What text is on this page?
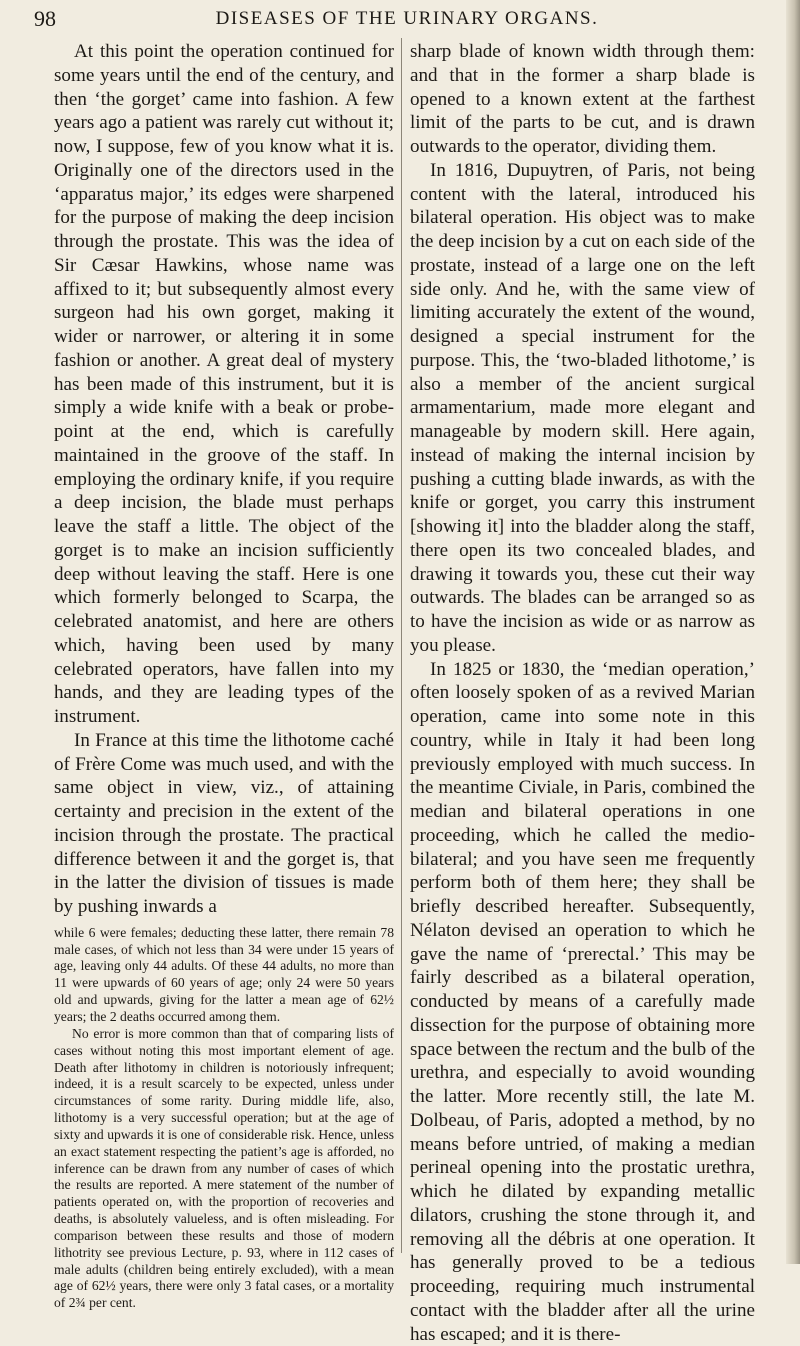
98	DISEASES OF THE URINARY ORGANS.

At this point the operation continued for some years until the end of the century, and then ‘the gorget’ came into fashion. A few years ago a patient was rarely cut without it; now, I suppose, few of you know what it is. Originally one of the directors used in the ‘apparatus major,’ its edges were sharpened for the purpose of making the deep incision through the prostate. This was the idea of Sir Cæsar Hawkins, whose name was affixed to it; but subsequently almost every surgeon had his own gorget, making it wider or narrower, or altering it in some fashion or another. A great deal of mystery has been made of this instrument, but it is simply a wide knife with a beak or probe-point at the end, which is carefully maintained in the groove of the staff. In employing the ordinary knife, if you require a deep incision, the blade must perhaps leave the staff a little. The object of the gorget is to make an incision sufficiently deep without leaving the staff. Here is one which formerly belonged to Scarpa, the celebrated anatomist, and here are others which, having been used by many celebrated operators, have fallen into my hands, and they are leading types of the instrument.

In France at this time the lithotome caché of Frère Come was much used, and with the same object in view, viz., of attaining certainty and precision in the extent of the incision through the prostate. The practical difference between it and the gorget is, that in the latter the division of tissues is made by pushing inwards a

while 6 were females; deducting these latter, there remain 78 male cases, of which not less than 34 were under 15 years of age, leaving only 44 adults. Of these 44 adults, no more than 11 were upwards of 60 years of age; only 24 were 50 years old and upwards, giving for the latter a mean age of 62½ years; the 2 deaths occurred among them.

No error is more common than that of comparing lists of cases without noting this most important element of age. Death after lithotomy in children is notoriously infrequent; indeed, it is a result scarcely to be expected, unless under circumstances of some rarity. During middle life, also, lithotomy is a very successful operation; but at the age of sixty and upwards it is one of considerable risk. Hence, unless an exact statement respecting the patient’s age is afforded, no inference can be drawn from any number of cases of which the results are reported. A mere statement of the number of patients operated on, with the proportion of recoveries and deaths, is absolutely valueless, and is often misleading. For comparison between these results and those of modern lithotrity see previous Lecture, p. 93, where in 112 cases of male adults (children being entirely excluded), with a mean age of 62½ years, there were only 3 fatal cases, or a mortality of 2¾ per cent.

sharp blade of known width through them: and that in the former a sharp blade is opened to a known extent at the farthest limit of the parts to be cut, and is drawn outwards to the operator, dividing them.

In 1816, Dupuytren, of Paris, not being content with the lateral, introduced his bilateral operation. His object was to make the deep incision by a cut on each side of the prostate, instead of a large one on the left side only. And he, with the same view of limiting accurately the extent of the wound, designed a special instrument for the purpose. This, the ‘two-bladed lithotome,’ is also a member of the ancient surgical armamentarium, made more elegant and manageable by modern skill. Here again, instead of making the internal incision by pushing a cutting blade inwards, as with the knife or gorget, you carry this instrument [showing it] into the bladder along the staff, there open its two concealed blades, and drawing it towards you, these cut their way outwards. The blades can be arranged so as to have the incision as wide or as narrow as you please.

In 1825 or 1830, the ‘median operation,’ often loosely spoken of as a revived Marian operation, came into some note in this country, while in Italy it had been long previously employed with much success. In the meantime Civiale, in Paris, combined the median and bilateral operations in one proceeding, which he called the medio-bilateral; and you have seen me frequently perform both of them here; they shall be briefly described hereafter. Subsequently, Nélaton devised an operation to which he gave the name of ‘prerectal.’ This may be fairly described as a bilateral operation, conducted by means of a carefully made dissection for the purpose of obtaining more space between the rectum and the bulb of the urethra, and especially to avoid wounding the latter. More recently still, the late M. Dolbeau, of Paris, adopted a method, by no means before untried, of making a median perineal opening into the prostatic urethra, which he dilated by expanding metallic dilators, crushing the stone through it, and removing all the débris at one operation. It has generally proved to be a tedious proceeding, requiring much instrumental contact with the bladder after all the urine has escaped; and it is there-
